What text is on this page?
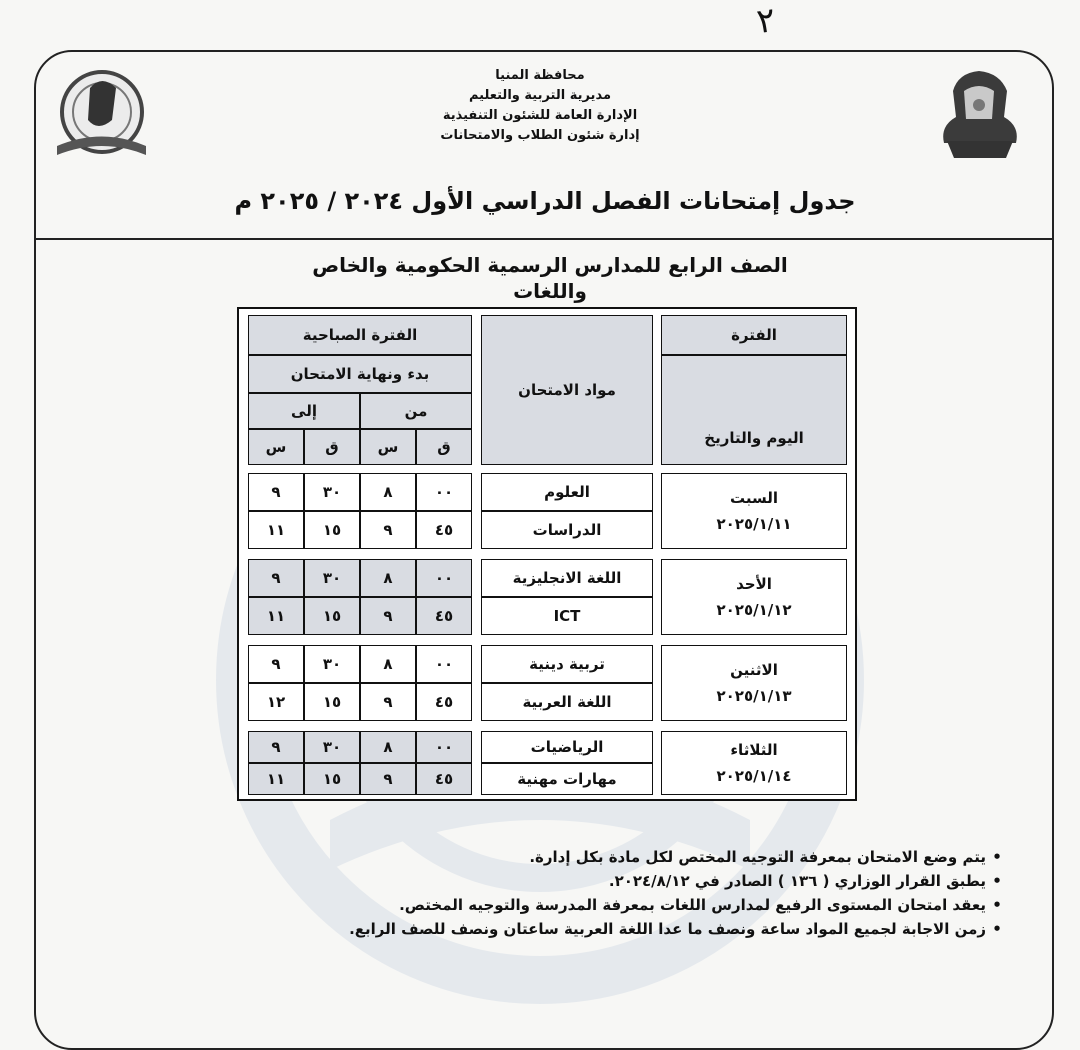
٢
محافظة المنيا
مديرية التربية والتعليم
الإدارة العامة للشئون التنفيذية
إدارة شئون الطلاب والامتحانات
جدول إمتحانات الفصل الدراسي الأول ٢٠٢٤ / ٢٠٢٥ م
الصف الرابع للمدارس الرسمية الحكومية والخاص واللغات
الفترة
اليوم والتاريخ
مواد الامتحان
الفترة الصباحية
بدء ونهاية الامتحان
من
إلى
ق
س
ق
س
السبت
٢٠٢٥/١/١١
العلوم
الدراسات
٠٠
٨
٣٠
٩
٤٥
٩
١٥
١١
الأحد
٢٠٢٥/١/١٢
اللغة الانجليزية
ICT
٠٠
٨
٣٠
٩
٤٥
٩
١٥
١١
الاثنين
٢٠٢٥/١/١٣
تربية دينية
اللغة العربية
٠٠
٨
٣٠
٩
٤٥
٩
١٥
١٢
الثلاثاء
٢٠٢٥/١/١٤
الرياضيات
مهارات مهنية
٠٠
٨
٣٠
٩
٤٥
٩
١٥
١١
•
يتم وضع الامتحان بمعرفة التوجيه المختص لكل مادة بكل إدارة.
•
يطبق القرار الوزاري ( ١٣٦ ) الصادر في ٢٠٢٤/٨/١٢.
•
يعقد امتحان المستوى الرفيع لمدارس اللغات بمعرفة المدرسة والتوجيه المختص.
•
زمن الاجابة لجميع المواد ساعة ونصف ما عدا اللغة العربية ساعتان ونصف للصف الرابع.
